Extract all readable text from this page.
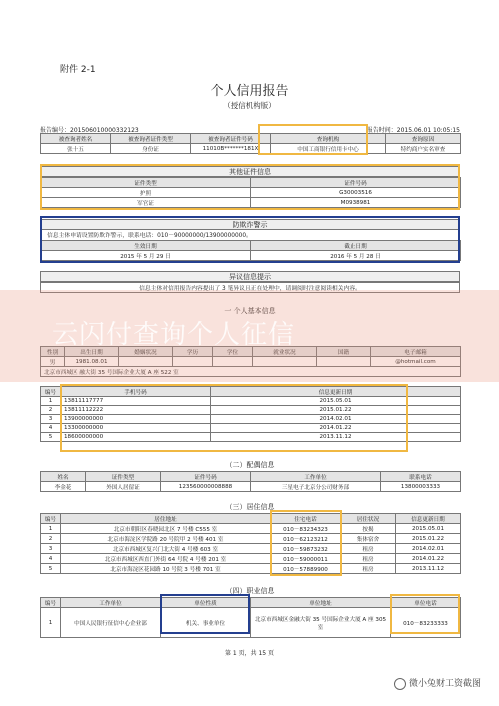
附件 2-1
个人信用报告
（授信机构版）
报告编号：2015060100003321​23	报告时间：2015.06.01 10:05:15
被查询者姓名	被查询者证件类型	被查询者证件号码	查询机构	查询原因
张十五	身份证	11010B*******181X	中国工商银行信用卡中心	特约商户实名审查
其他证件信息
证件类型	证件号码
护照	G30003516
军官证	M0938981
防欺诈警示
信息主体申请设置防欺诈警示，联系电话：010－90000000/13900000000。
生效日期	截止日期
2015 年 5 月 29 日	2016 年 5 月 28 日
异议信息提示
信息主体对信用报告内容提出了 3 笔异议且正在处理中，请调阅时注意阅读相关内容。
一 个人基本信息
性别	出生日期	婚姻状况	学历	学位	就业状况	国籍	电子邮箱
男	1981.08.01						@hotmail.com
北京市西城区 融大街 35 号国际企业大厦 A 座 522 室							
云闪付查询个人征信
编号	手机号码	信息更新日期
1	13811117777	2015.05.01
2	13811112222	2015.01.22
3	13900000000	2014.02.01
4	13300000000	2014.01.22
5	18600000000	2013.11.12
（二）配偶信息
姓名	证件类型	证件号码	工作单位	联系电话
李金花	外国人居留证	123560000008888	三星电子北京分公司财务部	13800003333
（三）居住信息
编号	居住地址	住宅电话	居住状况	信息更新日期
1	北京市朝阳区春晓园北区 7 号楼 C555 室	010－83234323	按揭	2015.05.01
2	北京市海淀区学院路 20 号院甲 2 号楼 401 室	010－62123212	集体宿舍	2015.01.22
3	北京市西城区复兴门北大街 4 号楼 603 室	010－59873232	租房	2014.02.01
4	北京市西城区西直门外街 64 号院 4 号楼 201 室	010－59000011	租房	2014.01.22
5	北京市海淀区花园路 10 号院 3 号楼 701 室	010－57889900	租房	2013.11.12
（四）职业信息
编号	工作单位	单位性质	单位地址	单位电话
1	中国人民银行征信中心企业部	机关、事业单位	北京市西城区金融大街 35 号国际企业大厦 A 座 305 室	010－83233333
第 1 页，共 15 页
微小兔财工资截图
